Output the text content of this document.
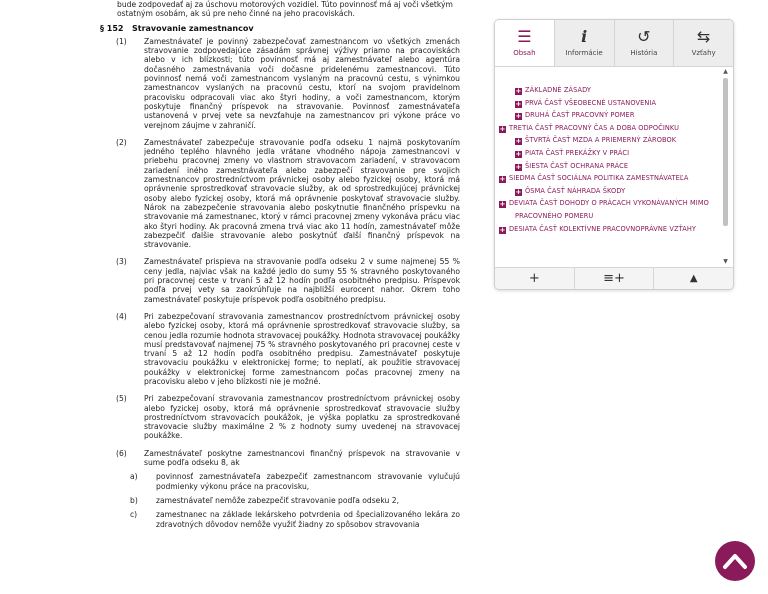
bude zodpovedať aj za úschovu motorových vozidiel. Túto povinnosť má aj voči všetkým ostatným osobám, ak sú pre neho činné na jeho pracoviskách.
§ 152	Stravovanie zamestnancov
(1)	Zamestnávateľ je povinný zabezpečovať zamestnancom vo všetkých zmenách stravovanie zodpovedajúce zásadám správnej výživy priamo na pracoviskách alebo v ich blízkosti; túto povinnosť má aj zamestnávateľ alebo agentúra dočasného zamestnávania voči dočasne pridelenému zamestnancovi. Túto povinnosť nemá voči zamestnancom vyslaným na pracovnú cestu, s výnimkou zamestnancov vyslaných na pracovnú cestu, ktorí na svojom pravidelnom pracovisku odpracovali viac ako štyri hodiny, a voči zamestnancom, ktorým poskytuje finančný príspevok na stravovanie. Povinnosť zamestnávateľa ustanovená v prvej vete sa nevzťahuje na zamestnancov pri výkone práce vo verejnom záujme v zahraničí.
(2)	Zamestnávateľ zabezpečuje stravovanie podľa odseku 1 najmä poskytovaním jedného teplého hlavného jedla vrátane vhodného nápoja zamestnancovi v priebehu pracovnej zmeny vo vlastnom stravovacom zariadení, v stravovacom zariadení iného zamestnávateľa alebo zabezpečí stravovanie pre svojich zamestnancov prostredníctvom právnickej osoby alebo fyzickej osoby, ktorá má oprávnenie sprostredkovať stravovacie služby, ak od sprostredkujúcej právnickej osoby alebo fyzickej osoby, ktorá má oprávnenie poskytovať stravovacie služby. Nárok na zabezpečenie stravovania alebo poskytnutie finančného príspevku na stravovanie má zamestnanec, ktorý v rámci pracovnej zmeny vykonáva prácu viac ako štyri hodiny. Ak pracovná zmena trvá viac ako 11 hodín, zamestnávateľ môže zabezpečiť ďalšie stravovanie alebo poskytnúť ďalší finančný príspevok na stravovanie.
(3)	Zamestnávateľ prispieva na stravovanie podľa odseku 2 v sume najmenej 55 % ceny jedla, najviac však na každé jedlo do sumy 55 % stravného poskytovaného pri pracovnej ceste v trvaní 5 až 12 hodín podľa osobitného predpisu. Príspevok podľa prvej vety sa zaokrúhľuje na najbližší eurocent nahor. Okrem toho zamestnávateľ poskytuje príspevok podľa osobitného predpisu.
(4)	Pri zabezpečovaní stravovania zamestnancov prostredníctvom právnickej osoby alebo fyzickej osoby, ktorá má oprávnenie sprostredkovať stravovacie služby, sa cenou jedla rozumie hodnota stravovacej poukážky. Hodnota stravovacej poukážky musí predstavovať najmenej 75 % stravného poskytovaného pri pracovnej ceste v trvaní 5 až 12 hodín podľa osobitného predpisu. Zamestnávateľ poskytuje stravovaciu poukážku v elektronickej forme; to neplatí, ak použitie stravovacej poukážky v elektronickej forme zamestnancom počas pracovnej zmeny na pracovisku alebo v jeho blízkosti nie je možné.
(5)	Pri zabezpečovaní stravovania zamestnancov prostredníctvom právnickej osoby alebo fyzickej osoby, ktorá má oprávnenie sprostredkovať stravovacie služby prostredníctvom stravovacích poukážok, je výška poplatku za sprostredkované stravovacie služby maximálne 2 % z hodnoty sumy uvedenej na stravovacej poukážke.
(6)	Zamestnávateľ poskytne zamestnancovi finančný príspevok na stravovanie v sume podľa odseku 8, ak
a)	povinnosť zamestnávateľa zabezpečiť zamestnancom stravovanie vylučujú podmienky výkonu práce na pracovisku,
b)	zamestnávateľ nemôže zabezpečiť stravovanie podľa odseku 2,
c)	zamestnanec na základe lekárskeho potvrdenia od špecializovaného lekára zo zdravotných dôvodov nemôže využiť žiadny zo spôsobov stravovania
☰
Obsah
i
Informácie
↺
História
⇆
Vzťahy
+ ZÁKLADNÉ ZÁSADY
+ PRVÁ ČASŤ VŠEOBECNÉ USTANOVENIA
+ DRUHÁ ČASŤ PRACOVNÝ POMER
+ TRETIA ČASŤ PRACOVNÝ ČAS A DOBA ODPOČINKU
+ ŠTVRTÁ ČASŤ MZDA A PRIEMERNÝ ZÁROBOK
+ PIATA ČASŤ PREKÁŽKY V PRÁCI
+ ŠIESTA ČASŤ OCHRANA PRÁCE
+ SIEDMA ČASŤ SOCIÁLNA POLITIKA ZAMESTNÁVATEĽA
+ ÔSMA ČASŤ NÁHRADA ŠKODY
+ DEVIATA ČASŤ DOHODY O PRÁCACH VYKONÁVANÝCH MIMO PRACOVNÉHO POMERU
+ DESIATA ČASŤ KOLEKTÍVNE PRACOVNOPRÁVNE VZŤAHY
▲
▼
+	≡+	▲
